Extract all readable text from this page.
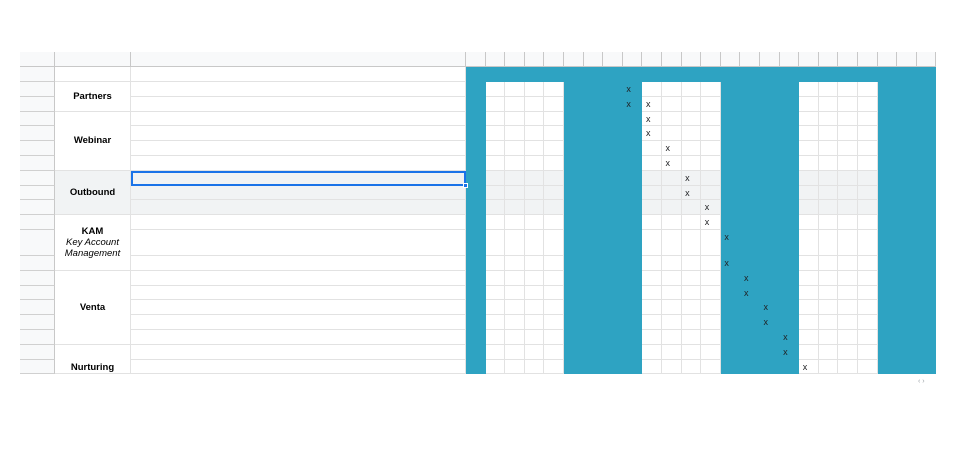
x
x	x
x
x
x
x
x
x
x
x
x
x
x
x
x
x
x
x
x
Partners
Webinar
Outbound
KAM
Key Account Management
Venta
Nurturing
‹ ›
